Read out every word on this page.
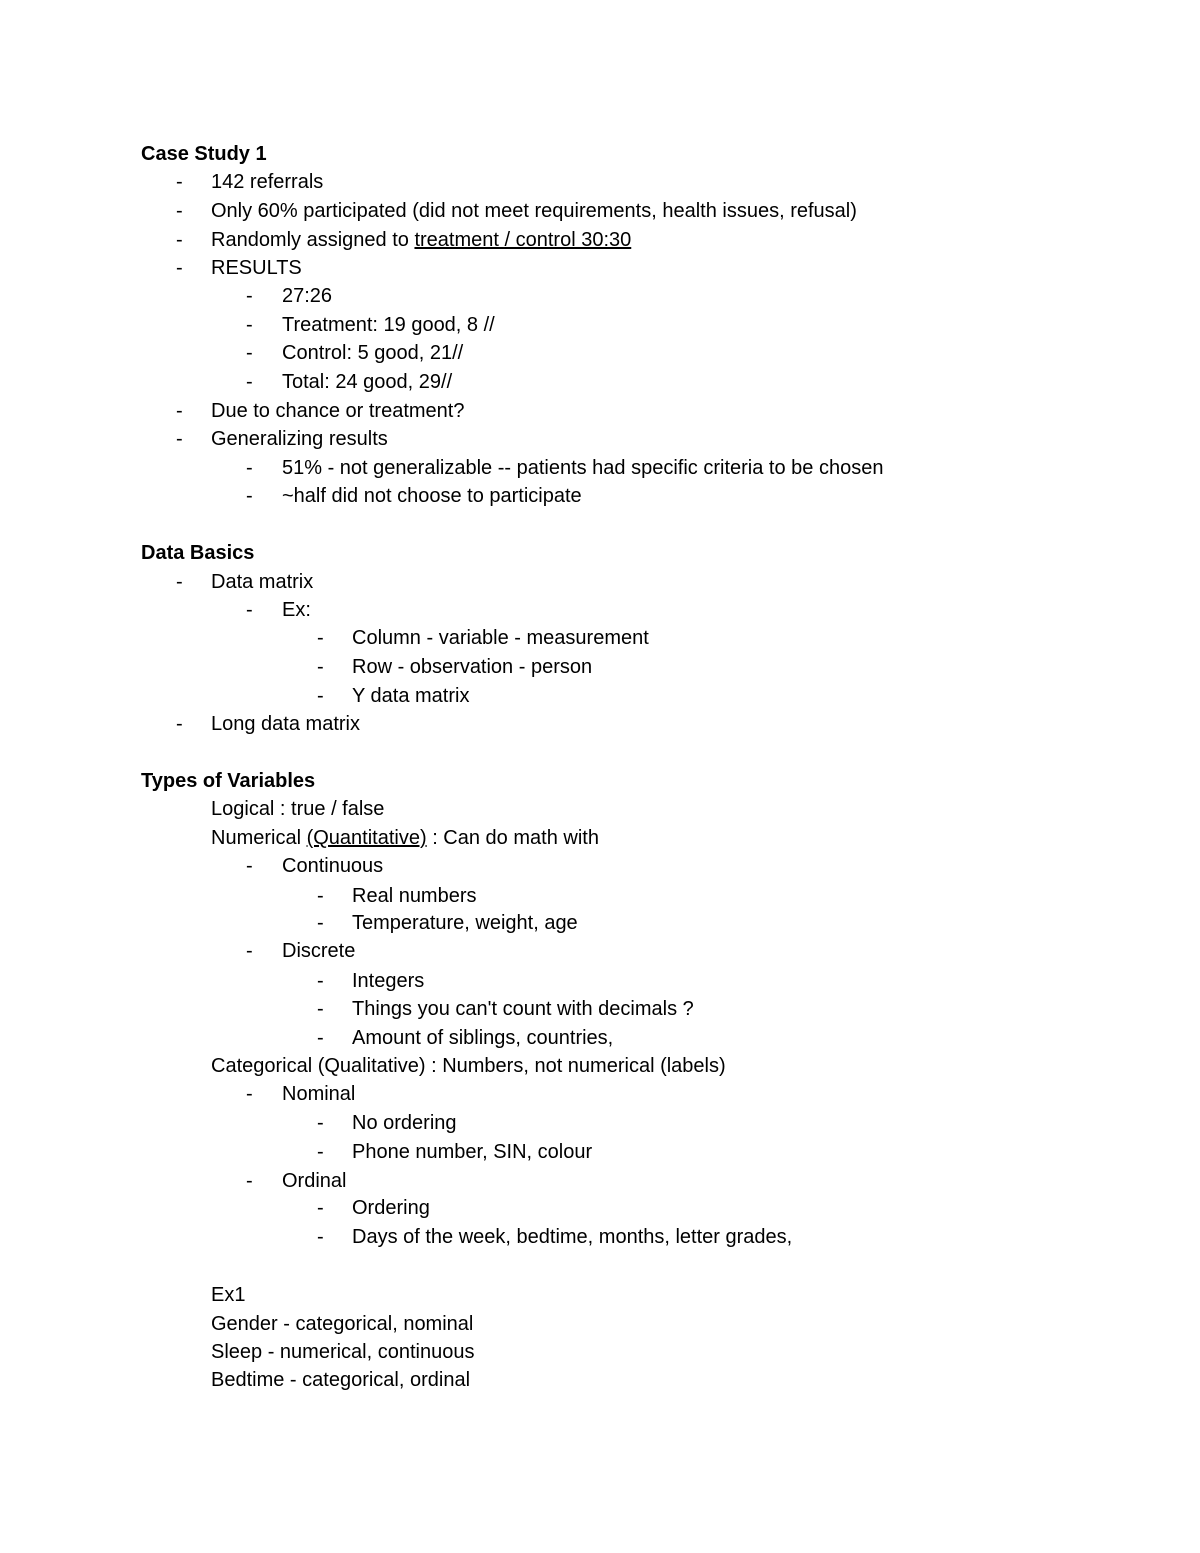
Case Study 1
- 142 referrals
- Only 60% participated (did not meet requirements, health issues, refusal)
- Randomly assigned to treatment / control 30:30
- RESULTS
- 27:26
- Treatment: 19 good, 8 //
- Control: 5 good, 21//
- Total: 24 good, 29//
- Due to chance or treatment?
- Generalizing results
- 51% - not generalizable -- patients had specific criteria to be chosen
- ~half did not choose to participate
Data Basics
- Data matrix
- Ex:
- Column - variable - measurement
- Row - observation - person
- Y data matrix
- Long data matrix
Types of Variables
Logical : true / false
Numerical (Quantitative) : Can do math with
- Continuous
- Real numbers
- Temperature, weight, age
- Discrete
- Integers
- Things you can't count with decimals ?
- Amount of siblings, countries,
Categorical (Qualitative) : Numbers, not numerical (labels)
- Nominal
- No ordering
- Phone number, SIN, colour
- Ordinal
- Ordering
- Days of the week, bedtime, months, letter grades,
Ex1
Gender - categorical, nominal
Sleep - numerical, continuous
Bedtime - categorical, ordinal
